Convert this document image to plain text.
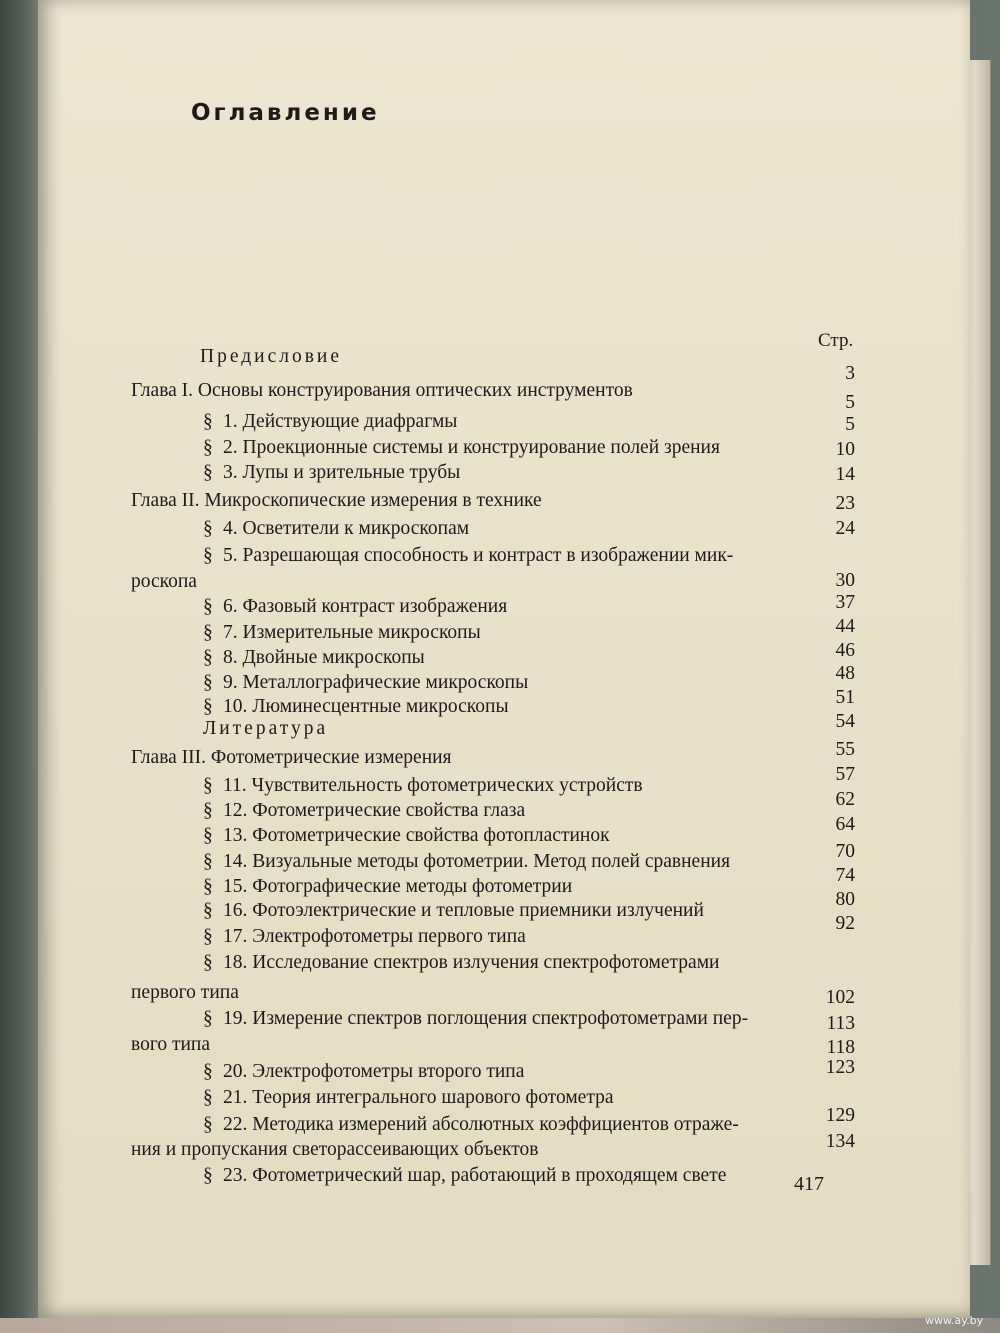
Оглавление
Стр.
Предисловие
Глава I. Основы конструирования оптических инструментов
§ 1. Действующие диафрагмы
§ 2. Проекционные системы и конструирование полей зрения
§ 3. Лупы и зрительные трубы
Глава II. Микроскопические измерения в технике
§ 4. Осветители к микроскопам
§ 5. Разрешающая способность и контраст в изображении мик-
роскопа
§ 6. Фазовый контраст изображения
§ 7. Измерительные микроскопы
§ 8. Двойные микроскопы
§ 9. Металлографические микроскопы
§ 10. Люминесцентные микроскопы
Литература
Глава III. Фотометрические измерения
§ 11. Чувствительность фотометрических устройств
§ 12. Фотометрические свойства глаза
§ 13. Фотометрические свойства фотопластинок
§ 14. Визуальные методы фотометрии. Метод полей сравнения
§ 15. Фотографические методы фотометрии
§ 16. Фотоэлектрические и тепловые приемники излучений
§ 17. Электрофотометры первого типа
§ 18. Исследование спектров излучения спектрофотометрами
первого типа
§ 19. Измерение спектров поглощения спектрофотометрами пер-
вого типа
§ 20. Электрофотометры второго типа
§ 21. Теория интегрального шарового фотометра
§ 22. Методика измерений абсолютных коэффициентов отраже-
ния и пропускания светорассеивающих объектов
§ 23. Фотометрический шар, работающий в проходящем свете
3
5
5
10
14
23
24
30
37
44
46
48
51
54
55
57
62
64
70
74
80
92
102
113
118
123
129
134
417
www.ay.by
